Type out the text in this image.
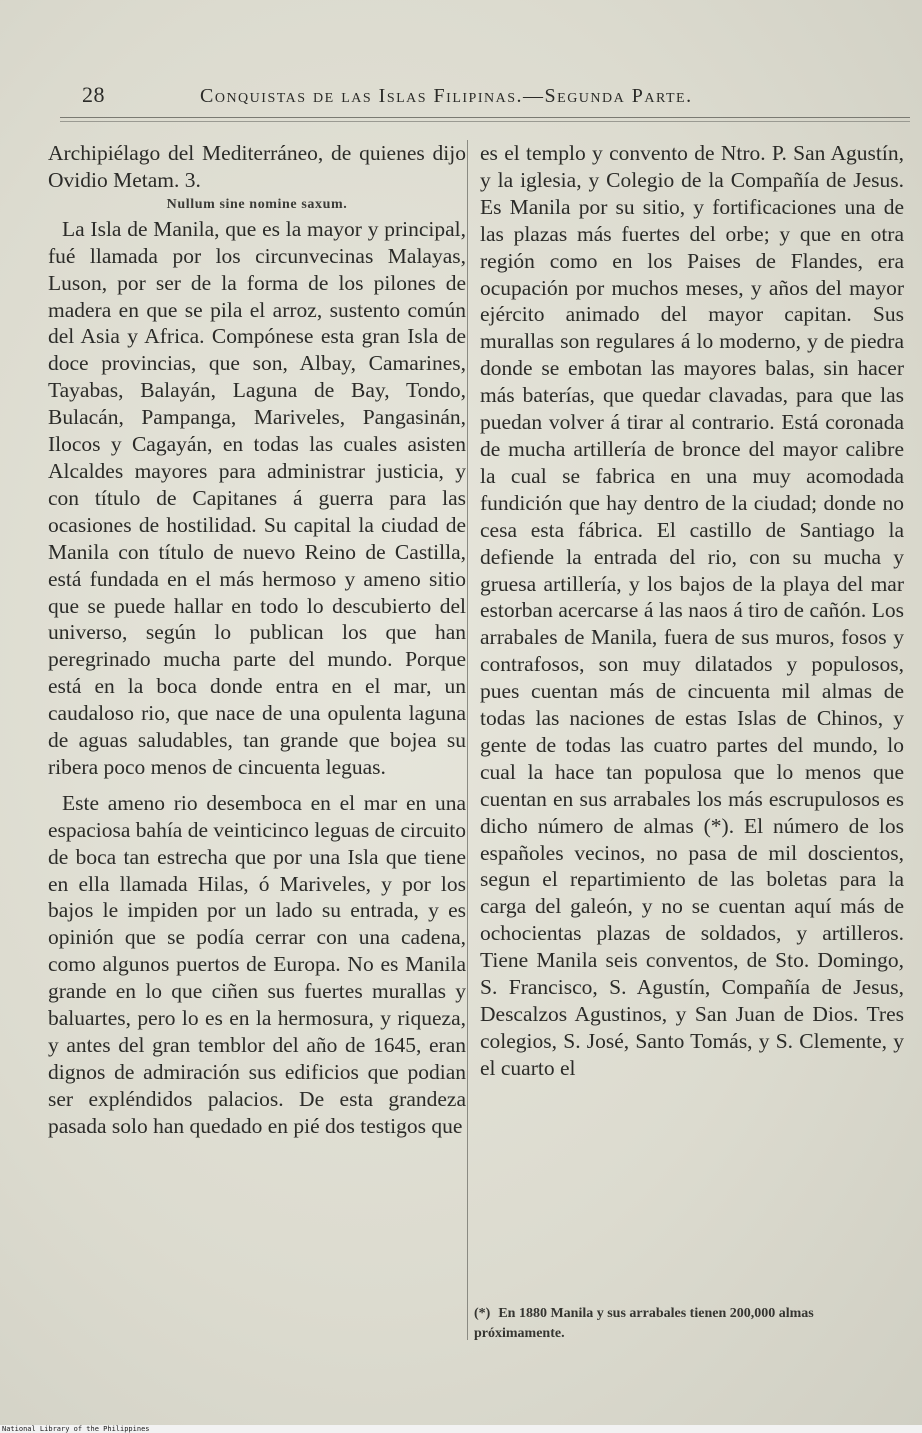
28	Conquistas de las Islas Filipinas.—Segunda Parte.

Archipiélago del Mediterráneo, de quienes dijo Ovidio Metam. 3.

Nullum sine nomine saxum.

La Isla de Manila, que es la mayor y principal, fué llamada por los circunvecinas Malayas, Luson, por ser de la forma de los pilones de madera en que se pila el arroz, sustento común del Asia y Africa. Compónese esta gran Isla de doce provincias, que son, Albay, Camarines, Tayabas, Balayán, Laguna de Bay, Tondo, Bulacán, Pampanga, Mariveles, Pangasinán, Ilocos y Cagayán, en todas las cuales asisten Alcaldes mayores para administrar justicia, y con título de Capitanes á guerra para las ocasiones de hostilidad. Su capital la ciudad de Manila con título de nuevo Reino de Castilla, está fundada en el más hermoso y ameno sitio que se puede hallar en todo lo descubierto del universo, según lo publican los que han peregrinado mucha parte del mundo. Porque está en la boca donde entra en el mar, un caudaloso rio, que nace de una opulenta laguna de aguas saludables, tan grande que bojea su ribera poco menos de cincuenta leguas.

Este ameno rio desemboca en el mar en una espaciosa bahía de veinticinco leguas de circuito de boca tan estrecha que por una Isla que tiene en ella llamada Hilas, ó Mariveles, y por los bajos le impiden por un lado su entrada, y es opinión que se podía cerrar con una cadena, como algunos puertos de Europa. No es Manila grande en lo que ciñen sus fuertes murallas y baluartes, pero lo es en la hermosura, y riqueza, y antes del gran temblor del año de 1645, eran dignos de admiración sus edificios que podian ser expléndidos palacios. De esta grandeza pasada solo han quedado en pié dos testigos que

es el templo y convento de Ntro. P. San Agustín, y la iglesia, y Colegio de la Compañía de Jesus. Es Manila por su sitio, y fortificaciones una de las plazas más fuertes del orbe; y que en otra región como en los Paises de Flandes, era ocupación por muchos meses, y años del mayor ejército animado del mayor capitan. Sus murallas son regulares á lo moderno, y de piedra donde se embotan las mayores balas, sin hacer más baterías, que quedar clavadas, para que las puedan volver á tirar al contrario. Está coronada de mucha artillería de bronce del mayor calibre la cual se fabrica en una muy acomodada fundición que hay dentro de la ciudad; donde no cesa esta fábrica. El castillo de Santiago la defiende la entrada del rio, con su mucha y gruesa artillería, y los bajos de la playa del mar estorban acercarse á las naos á tiro de cañón. Los arrabales de Manila, fuera de sus muros, fosos y contrafosos, son muy dilatados y populosos, pues cuentan más de cincuenta mil almas de todas las naciones de estas Islas de Chinos, y gente de todas las cuatro partes del mundo, lo cual la hace tan populosa que lo menos que cuentan en sus arrabales los más escrupulosos es dicho número de almas (*). El número de los españoles vecinos, no pasa de mil doscientos, segun el repartimiento de las boletas para la carga del galeón, y no se cuentan aquí más de ochocientas plazas de soldados, y artilleros. Tiene Manila seis conventos, de Sto. Domingo, S. Francisco, S. Agustín, Compañía de Jesus, Descalzos Agustinos, y San Juan de Dios. Tres colegios, S. José, Santo Tomás, y S. Clemente, y el cuarto el

(*) En 1880 Manila y sus arrabales tienen 200,000 almas próximamente.
National Library of the Philippines
